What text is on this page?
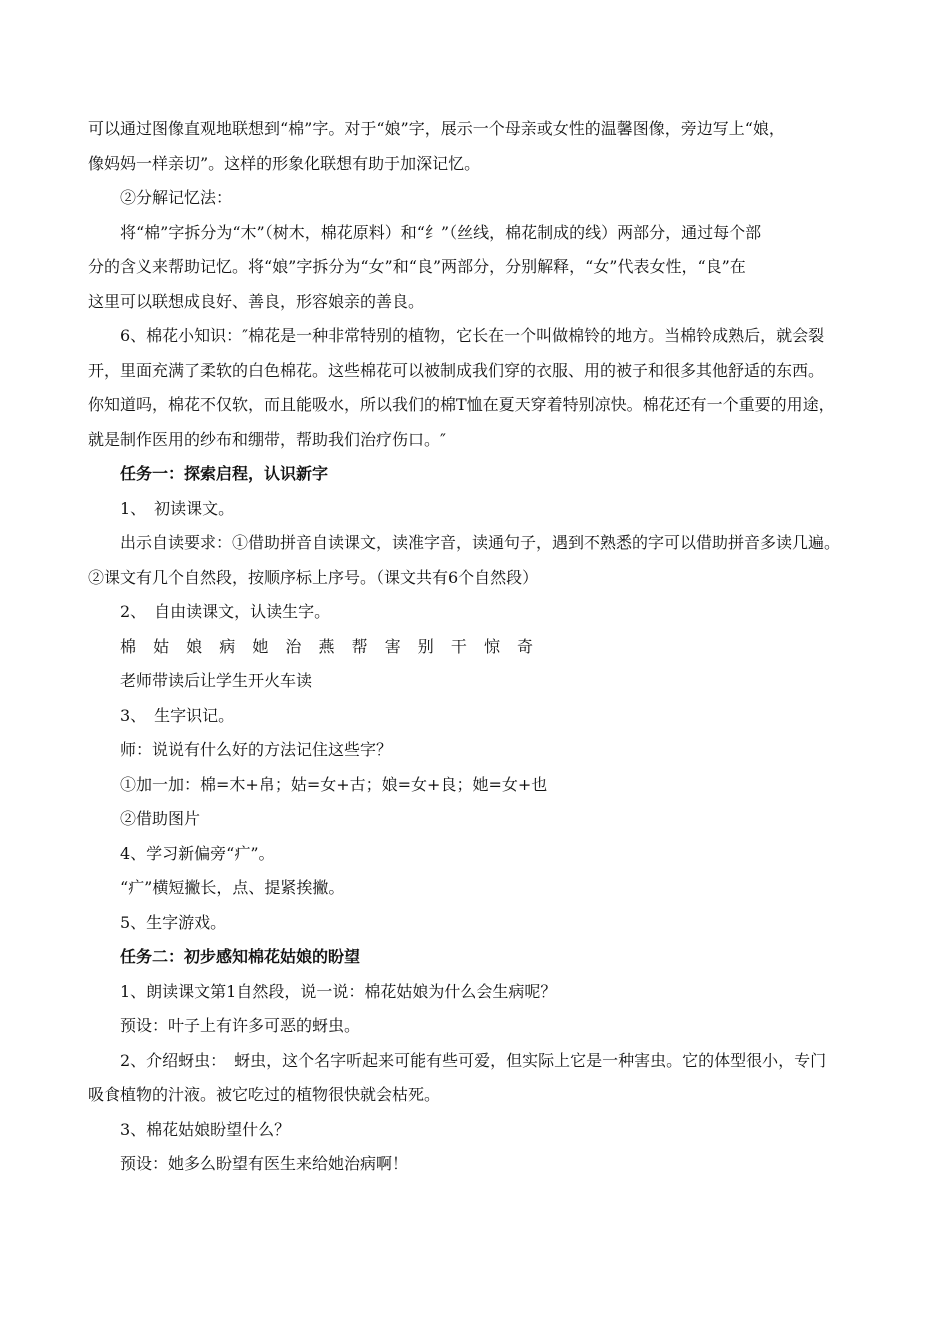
可以通过图像直观地联想到“棉”字。对于“娘”字，展示一个母亲或女性的温馨图像，旁边写上“娘，

像妈妈一样亲切”。这样的形象化联想有助于加深记忆。

②分解记忆法：

将“棉”字拆分为“木”（树木，棉花原料）和“纟”（丝线，棉花制成的线）两部分，通过每个部

分的含义来帮助记忆。将“娘”字拆分为“女”和“良”两部分，分别解释，“女”代表女性，“良”在

这里可以联想成良好、善良，形容娘亲的善良。

6、棉花小知识：″棉花是一种非常特别的植物，它长在一个叫做棉铃的地方。当棉铃成熟后，就会裂

开，里面充满了柔软的白色棉花。这些棉花可以被制成我们穿的衣服、用的被子和很多其他舒适的东西。

你知道吗，棉花不仅软，而且能吸水，所以我们的棉T恤在夏天穿着特别凉快。棉花还有一个重要的用途，

就是制作医用的纱布和绷带，帮助我们治疗伤口。″

任务一：探索启程，认识新字

1、　初读课文。

出示自读要求：①借助拼音自读课文，读准字音，读通句子，遇到不熟悉的字可以借助拼音多读几遍。

②课文有几个自然段，按顺序标上序号。（课文共有6个自然段）

2、　自由读课文，认读生字。

棉 姑 娘 病 她 治 燕 帮 害 别 干 惊 奇

老师带读后让学生开火车读

3、　生字识记。

师：说说有什么好的方法记住这些字？

①加一加：棉=木+帛；姑=女+古；娘=女+良；她=女+也

②借助图片

4、学习新偏旁“疒”。

“疒”横短撇长，点、提紧挨撇。

5、生字游戏。

任务二：初步感知棉花姑娘的盼望

1、朗读课文第1自然段，说一说：棉花姑娘为什么会生病呢？

预设：叶子上有许多可恶的蚜虫。

2、介绍蚜虫：　蚜虫，这个名字听起来可能有些可爱，但实际上它是一种害虫。它的体型很小，专门

吸食植物的汁液。被它吃过的植物很快就会枯死。

3、棉花姑娘盼望什么？

预设：她多么盼望有医生来给她治病啊！
